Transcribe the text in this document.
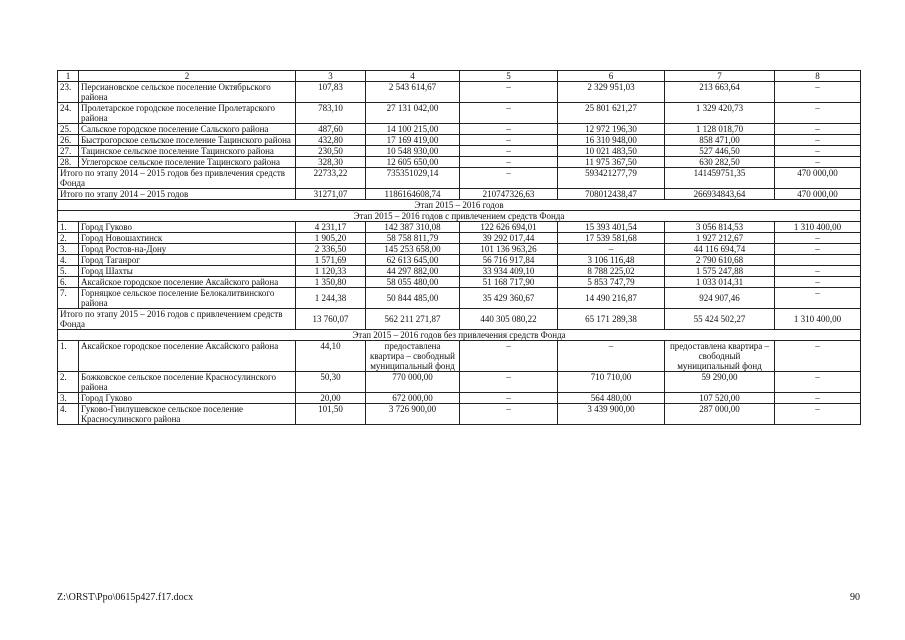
1	2	3	4	5	6	7	8
23.	Персиановское сельское поселение Октябрьского района	107,83	2 543 614,67	–	2 329 951,03	213 663,64	–
24.	Пролетарское городское поселение Пролетарского района	783,10	27 131 042,00	–	25 801 621,27	1 329 420,73	–
25.	Сальское городское поселение Сальского района	487,60	14 100 215,00	–	12 972 196,30	1 128 018,70	–
26.	Быстрогорское сельское поселение Тацинского района	432,80	17 169 419,00	–	16 310 948,00	858 471,00	–
27.	Тацинское сельское поселение Тацинского района	230,50	10 548 930,00	–	10 021 483,50	527 446,50	–
28.	Углегорское сельское поселение Тацинского района	328,30	12 605 650,00	–	11 975 367,50	630 282,50	–
Итого по этапу 2014 – 2015 годов без привлечения средств Фонда		22733,22	735351029,14	–	593421277,79	141459751,35	470 000,00
Итого по этапу 2014 – 2015 годов		31271,07	1186164608,74	210747326,63	708012438,47	266934843,64	470 000,00
Этап 2015 – 2016 годов							
Этап 2015 – 2016 годов с привлечением средств Фонда							
1.	Город Гуково	4 231,17	142 387 310,08	122 626 694,01	15 393 401,54	3 056 814,53	1 310 400,00
2.	Город Новошахтинск	1 905,20	58 758 811,79	39 292 017,44	17 539 581,68	1 927 212,67	–
3.	Город Ростов-на-Дону	2 336,50	145 253 658,00	101 136 963,26	–	44 116 694,74	–
4.	Город Таганрог	1 571,69	62 613 645,00	56 716 917,84	3 106 116,48	2 790 610,68	
5.	Город Шахты	1 120,33	44 297 882,00	33 934 409,10	8 788 225,02	1 575 247,88	–
6.	Аксайское городское поселение Аксайского района	1 350,80	58 055 480,00	51 168 717,90	5 853 747,79	1 033 014,31	–
7.	Горняцкое сельское поселение Белокалитвинского района	1 244,38	50 844 485,00	35 429 360,67	14 490 216,87	924 907,46	–
Итого по этапу 2015 – 2016 годов с привлечением средств Фонда		13 760,07	562 211 271,87	440 305 080,22	65 171 289,38	55 424 502,27	1 310 400,00
Этап 2015 – 2016 годов без привлечения средств Фонда							
1.	Аксайское городское поселение Аксайского района	44,10	предоставлена квартира – свободный муниципальный фонд	–	–	предоставлена квартира – свободный муниципальный фонд	–
2.	Божковское сельское поселение Красносулинского района	50,30	770 000,00	–	710 710,00	59 290,00	–
3.	Город Гуково	20,00	672 000,00	–	564 480,00	107 520,00	–
4.	Гуково-Гнилушевское сельское поселение Красносулинского района	101,50	3 726 900,00	–	3 439 900,00	287 000,00	–
Z:\ORST\Ppo\0615p427.f17.docx	90
